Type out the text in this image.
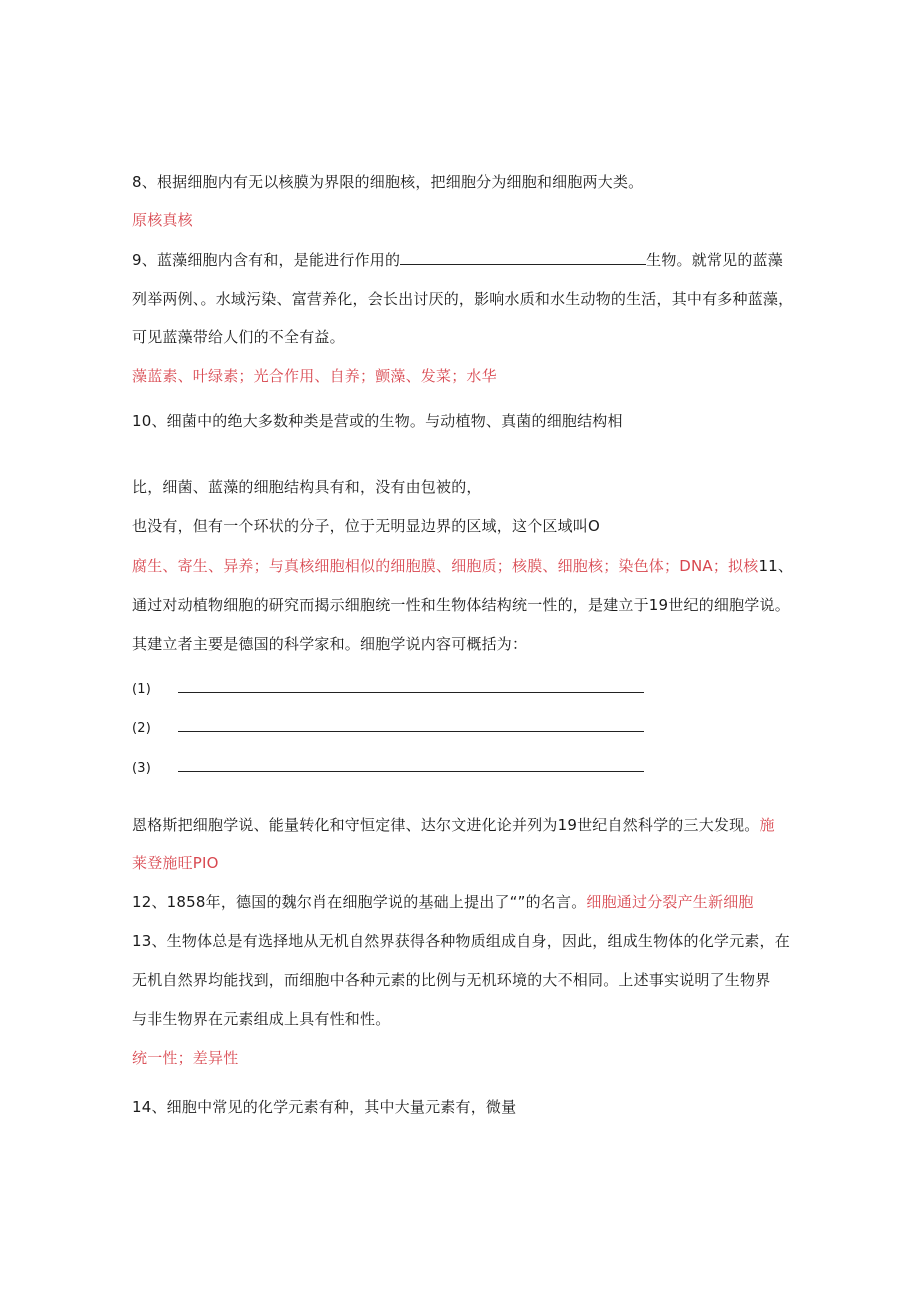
8、根据细胞内有无以核膜为界限的细胞核，把细胞分为细胞和细胞两大类。
原核真核
9、蓝藻细胞内含有和，是能进行作用的	生物。就常见的蓝藻
列举两例、。水域污染、富营养化，会长出讨厌的，影响水质和水生动物的生活，其中有多种蓝藻，
可见蓝藻带给人们的不全有益。
藻蓝素、叶绿素；光合作用、自养；颤藻、发菜；水华
10、细菌中的绝大多数种类是营或的生物。与动植物、真菌的细胞结构相
比，细菌、蓝藻的细胞结构具有和，没有由包被的，
也没有，但有一个环状的分子，位于无明显边界的区域，这个区域叫O
腐生、寄生、异养；与真核细胞相似的细胞膜、细胞质；核膜、细胞核；染色体；DNA；拟核11、
通过对动植物细胞的研究而揭示细胞统一性和生物体结构统一性的，是建立于19世纪的细胞学说。
其建立者主要是德国的科学家和。细胞学说内容可概括为：
(1)
(2)
(3)
恩格斯把细胞学说、能量转化和守恒定律、达尔文进化论并列为19世纪自然科学的三大发现。施
莱登施旺PIO
12、1858年，德国的魏尔肖在细胞学说的基础上提出了“”的名言。细胞通过分裂产生新细胞
13、生物体总是有选择地从无机自然界获得各种物质组成自身，因此，组成生物体的化学元素，在
无机自然界均能找到，而细胞中各种元素的比例与无机环境的大不相同。上述事实说明了生物界
与非生物界在元素组成上具有性和性。
统一性；差异性
14、细胞中常见的化学元素有种，其中大量元素有，微量
